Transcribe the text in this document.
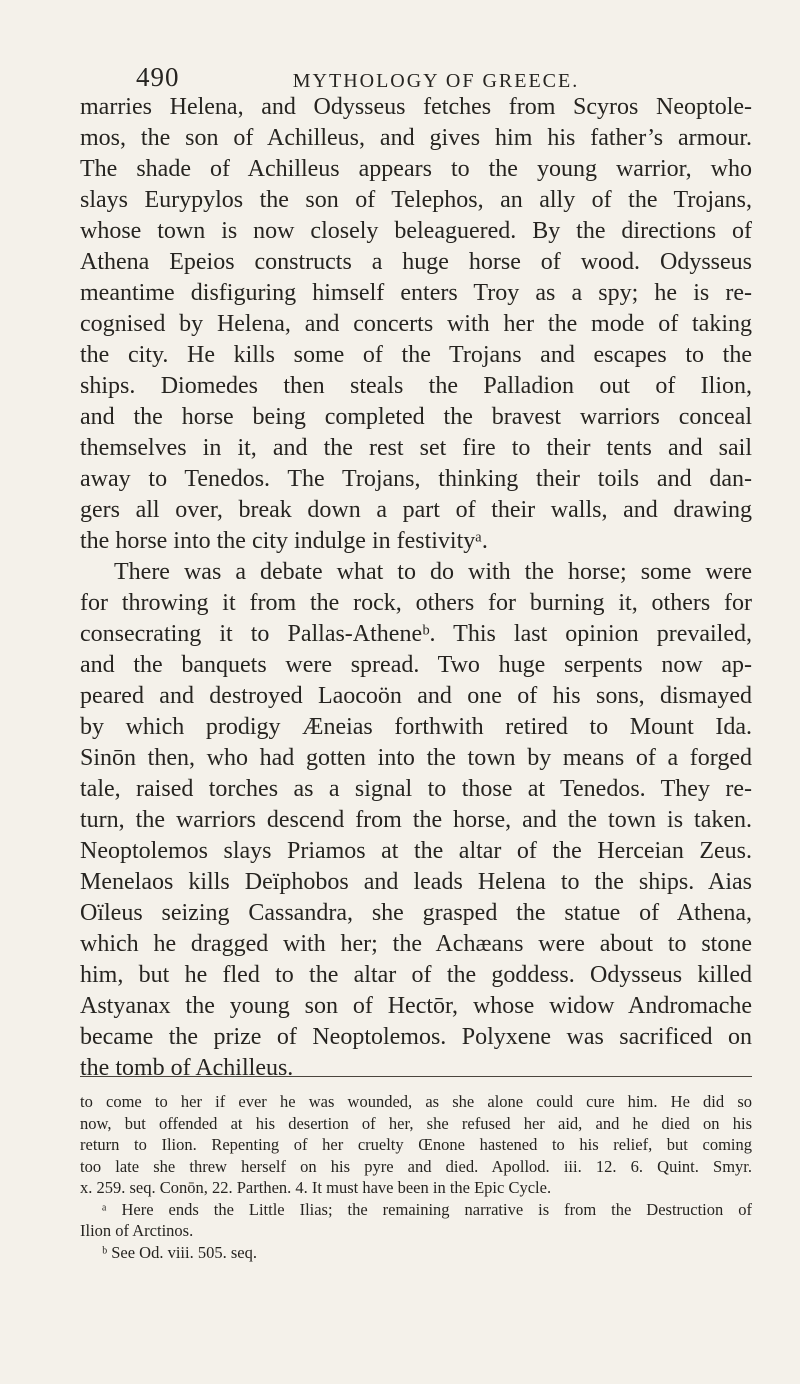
490	MYTHOLOGY OF GREECE.
marries Helena, and Odysseus fetches from Scyros Neoptole-
mos, the son of Achilleus, and gives him his father’s armour.
The shade of Achilleus appears to the young warrior, who
slays Eurypylos the son of Telephos, an ally of the Trojans,
whose town is now closely beleaguered. By the directions of
Athena Epeios constructs a huge horse of wood. Odysseus
meantime disfiguring himself enters Troy as a spy; he is re-
cognised by Helena, and concerts with her the mode of taking
the city. He kills some of the Trojans and escapes to the
ships. Diomedes then steals the Palladion out of Ilion,
and the horse being completed the bravest warriors conceal
themselves in it, and the rest set fire to their tents and sail
away to Tenedos. The Trojans, thinking their toils and dan-
gers all over, break down a part of their walls, and drawing
the horse into the city indulge in festivityᵃ.
There was a debate what to do with the horse; some were
for throwing it from the rock, others for burning it, others for
consecrating it to Pallas-Atheneᵇ. This last opinion prevailed,
and the banquets were spread. Two huge serpents now ap-
peared and destroyed Laocoön and one of his sons, dismayed
by which prodigy Æneias forthwith retired to Mount Ida.
Sinōn then, who had gotten into the town by means of a forged
tale, raised torches as a signal to those at Tenedos. They re-
turn, the warriors descend from the horse, and the town is taken.
Neoptolemos slays Priamos at the altar of the Herceian Zeus.
Menelaos kills Deïphobos and leads Helena to the ships. Aias
Oïleus seizing Cassandra, she grasped the statue of Athena,
which he dragged with her; the Achæans were about to stone
him, but he fled to the altar of the goddess. Odysseus killed
Astyanax the young son of Hectōr, whose widow Andromache
became the prize of Neoptolemos. Polyxene was sacrificed on
the tomb of Achilleus.
to come to her if ever he was wounded, as she alone could cure him. He did so
now, but offended at his desertion of her, she refused her aid, and he died on his
return to Ilion. Repenting of her cruelty Œnone hastened to his relief, but coming
too late she threw herself on his pyre and died. Apollod. iii. 12. 6. Quint. Smyr.
x. 259. seq. Conōn, 22. Parthen. 4. It must have been in the Epic Cycle.
ᵃ Here ends the Little Ilias; the remaining narrative is from the Destruction of
Ilion of Arctinos.
ᵇ See Od. viii. 505. seq.
